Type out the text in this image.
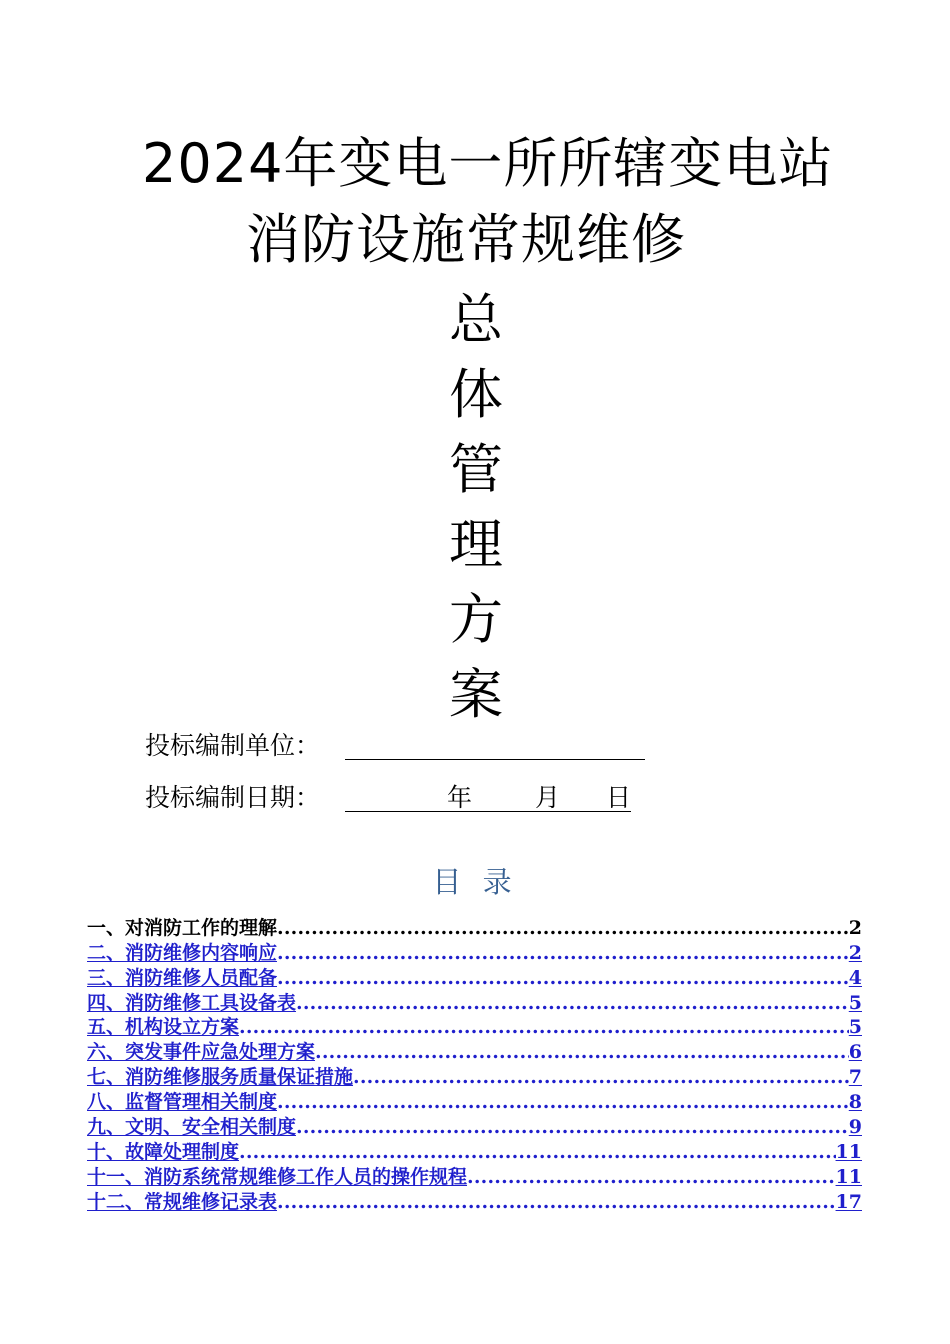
2024年变电一所所辖变电站
消防设施常规维修
总
体
管
理
方
案
投标编制单位：
投标编制日期：	年	月 日
目 录
一、对消防工作的理解 .....	2
二、消防维修内容响应 .....	2
三、消防维修人员配备 .....	4
四、消防维修工具设备表 .....	5
五、机构设立方案 .....	5
六、突发事件应急处理方案 .....	6
七、消防维修服务质量保证措施 .....	7
八、监督管理相关制度 .....	8
九、文明、安全相关制度 .....	9
十、故障处理制度 .....	11
十一、消防系统常规维修工作人员的操作规程 .....	11
十二、常规维修记录表 .....	17
